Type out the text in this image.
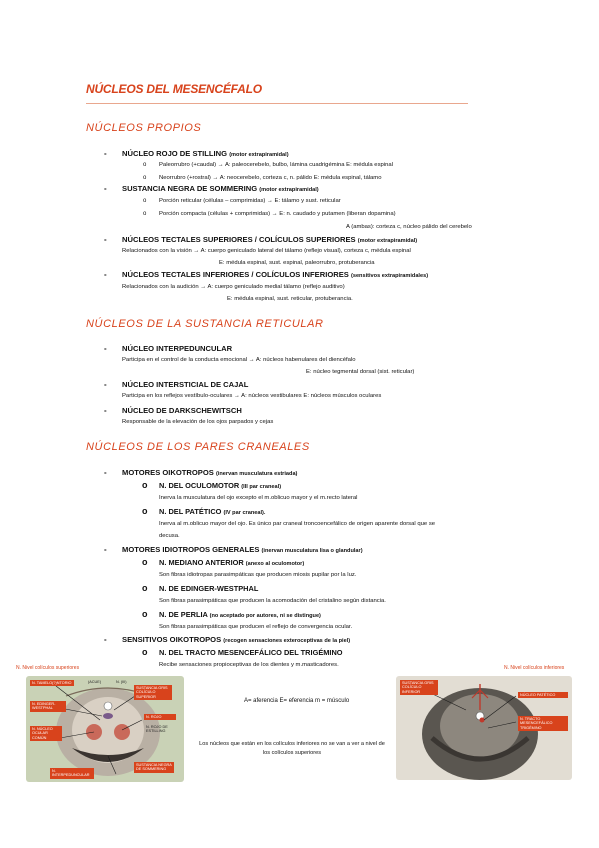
NÚCLEOS DEL MESENCÉFALO
NÚCLEOS PROPIOS
- NÚCLEO ROJO DE STILLING (motor extrapiramidal)
o Paleorrubro (+caudal) → A: paleocerebelo, bulbo, lámina cuadrigémina E: médula espinal
o Neorrubro (+rostral) → A: neocerebelo, corteza c, n. pálido E: médula espinal, tálamo
- SUSTANCIA NEGRA DE SOMMERING (motor extrapiramidal)
o Porción reticular (células – comprimidas) → E: tálamo y sust. reticular
o Porción compacta (células + comprimidas) → E: n. caudado y putamen (liberan dopamina)
A (ambas): corteza c, núcleo pálido del cerebelo
- NÚCLEOS TECTALES SUPERIORES / COLÍCULOS SUPERIORES (motor extrapiramidal)
Relacionados con la visión → A: cuerpo geniculado lateral del tálamo (reflejo visual), corteza c, médula espinal
E: médula espinal, sust. espinal, paleorrubro, protuberancia
- NÚCLEOS TECTALES INFERIORES / COLÍCULOS INFERIORES (sensitivos extrapiramidales)
Relacionados con la audición → A: cuerpo geniculado medial tálamo (reflejo auditivo)
E: médula espinal, sust. reticular, protuberancia.
NÚCLEOS DE LA SUSTANCIA RETICULAR
- NÚCLEO INTERPEDUNCULAR
Participa en el control de la conducta emocional → A: núcleos habenulares del diencéfalo
E: núcleo tegmental dorsal (sist. reticular)
- NÚCLEO INTERSTICIAL DE CAJAL
Participa en los reflejos vestíbulo-oculares → A: núcleos vestibulares E: núcleos músculos oculares
- NÚCLEO DE DARKSCHEWITSCH
Responsable de la elevación de los ojos parpados y cejas
NÚCLEOS DE LOS PARES CRANEALES
- MOTORES OIKOTROPOS (inervan musculatura estriada)
o N. DEL OCULOMOTOR (III par craneal)
Inerva la musculatura del ojo excepto el m.oblicuo mayor y el m.recto lateral
o N. DEL PATÉTICO (IV par craneal).
Inerva al m.oblicuo mayor del ojo. Es único par craneal troncoencefálico de origen aparente dorsal que se
decusa.
- MOTORES IDIOTROPOS GENERALES (inervan musculatura lisa o glandular)
o N. MEDIANO ANTERIOR (anexo al oculomotor)
Son fibras idiotropas parasimpáticas que producen miosis pupilar por la luz.
o N. DE EDINGER-WESTPHAL
Son fibras parasimpáticas que producen la acomodación del cristalino según distancia.
o N. DE PERLIA (no aceptado por autores, ni se distingue)
Son fibras parasimpáticas que producen el reflejo de convergencia ocular.
- SENSITIVOS OIKOTROPOS (recogen sensaciones exteroceptivas de la piel)
o N. DEL TRACTO MESENCEFÁLICO DEL TRIGÉMINO
Recibe sensaciones propioceptivas de los dientes y m.masticadores.
N. Nivel colículos superiores
N. TAMELO(?)NTORIO	(ACUE)	N. (III)
SUSTANCIA GRIS COLÍCULO SUPERIOR
N. EDINGER-WESTPHAL
N. ROJO
N. ROJO DE ESTILLING
N. NÚCLEO OCULAR COMÚN
N. INTERPEDUNCULAR
SUSTANCIA NEGRA DE SOMMERING
A= aferencia E= eferencia m = músculo
Los núcleos que están en los colículos inferiores no se van a ver a nivel de los colículos superiores
N. Nivel colículos inferiores
SUSTANCIA GRIS COLÍCULO INFERIOR
NÚCLEO PATÉTICO
N. TRACTO MESENCEFÁLICO TRIGÉMINO
